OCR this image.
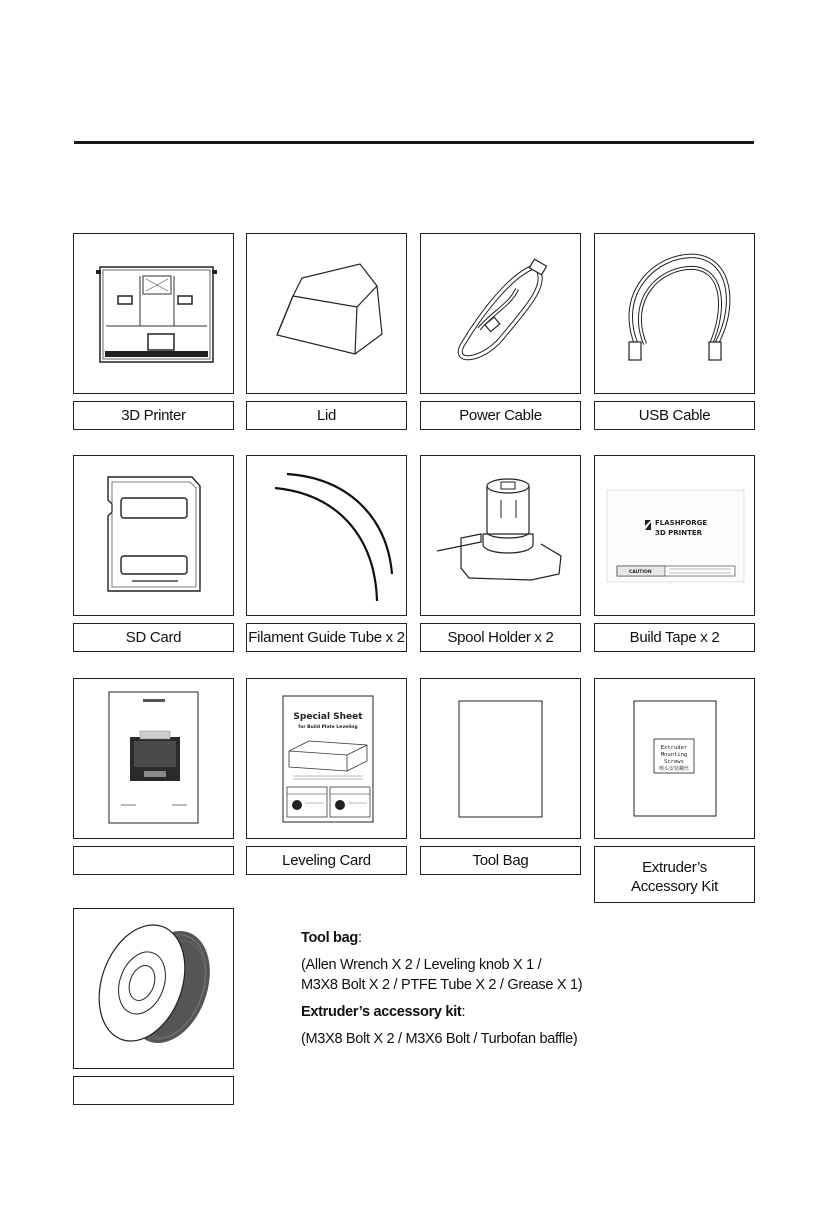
3D Printer	Lid	Power Cable	USB Cable
FLASHFORGE
3D PRINTER
CAUTION
SD Card	Filament Guide Tube x 2	Spool Holder x 2	Build Tape x 2
Special Sheet
for Build Plate Leveling
Extruder
Mounting
Screws
喷头安装螺丝
Leveling Card	Tool Bag	Extruder’s Accessory Kit
Tool bag:
(Allen Wrench X 2 / Leveling knob X 1 /
M3X8 Bolt X 2 / PTFE Tube X 2 / Grease X 1)
Extruder’s accessory kit:
(M3X8 Bolt X 2 / M3X6 Bolt / Turbofan baffle)
